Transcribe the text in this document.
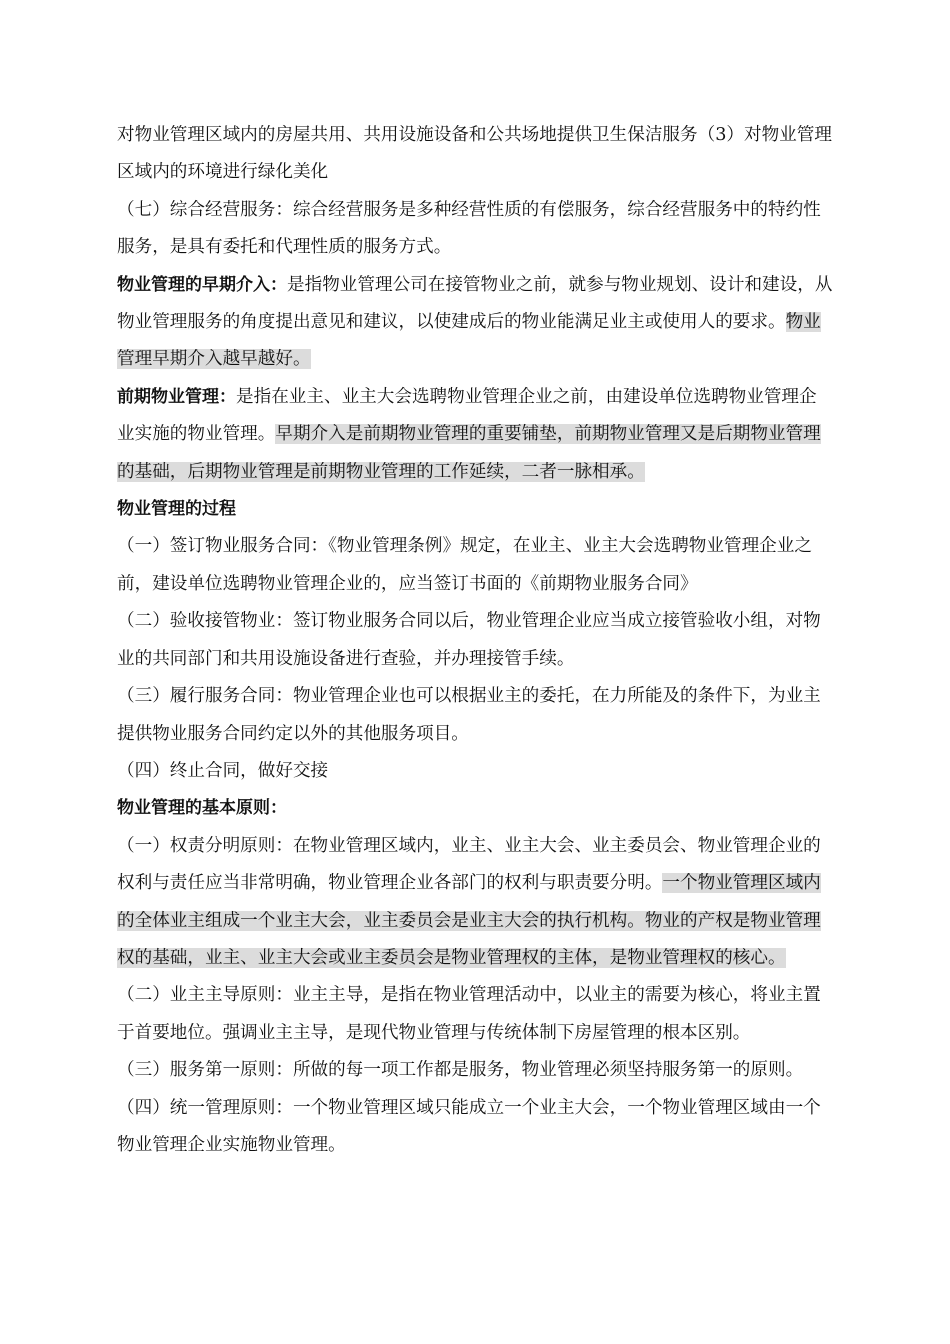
对物业管理区域内的房屋共用、共用设施设备和公共场地提供卫生保洁服务（3）对物业管理区域内的环境进行绿化美化

（七）综合经营服务：综合经营服务是多种经营性质的有偿服务，综合经营服务中的特约性服务，是具有委托和代理性质的服务方式。

物业管理的早期介入：是指物业管理公司在接管物业之前，就参与物业规划、设计和建设，从物业管理服务的角度提出意见和建议，以使建成后的物业能满足业主或使用人的要求。物业管理早期介入越早越好。

前期物业管理：是指在业主、业主大会选聘物业管理企业之前，由建设单位选聘物业管理企业实施的物业管理。早期介入是前期物业管理的重要铺垫，前期物业管理又是后期物业管理的基础，后期物业管理是前期物业管理的工作延续，二者一脉相承。

物业管理的过程

（一）签订物业服务合同：《物业管理条例》规定，在业主、业主大会选聘物业管理企业之前，建设单位选聘物业管理企业的，应当签订书面的《前期物业服务合同》

（二）验收接管物业：签订物业服务合同以后，物业管理企业应当成立接管验收小组，对物业的共同部门和共用设施设备进行查验，并办理接管手续。

（三）履行服务合同：物业管理企业也可以根据业主的委托，在力所能及的条件下，为业主提供物业服务合同约定以外的其他服务项目。

（四）终止合同，做好交接

物业管理的基本原则：

（一）权责分明原则：在物业管理区域内，业主、业主大会、业主委员会、物业管理企业的权利与责任应当非常明确，物业管理企业各部门的权利与职责要分明。一个物业管理区域内的全体业主组成一个业主大会，业主委员会是业主大会的执行机构。物业的产权是物业管理权的基础，业主、业主大会或业主委员会是物业管理权的主体，是物业管理权的核心。

（二）业主主导原则：业主主导，是指在物业管理活动中，以业主的需要为核心，将业主置于首要地位。强调业主主导，是现代物业管理与传统体制下房屋管理的根本区别。

（三）服务第一原则：所做的每一项工作都是服务，物业管理必须坚持服务第一的原则。

（四）统一管理原则：一个物业管理区域只能成立一个业主大会，一个物业管理区域由一个物业管理企业实施物业管理。
